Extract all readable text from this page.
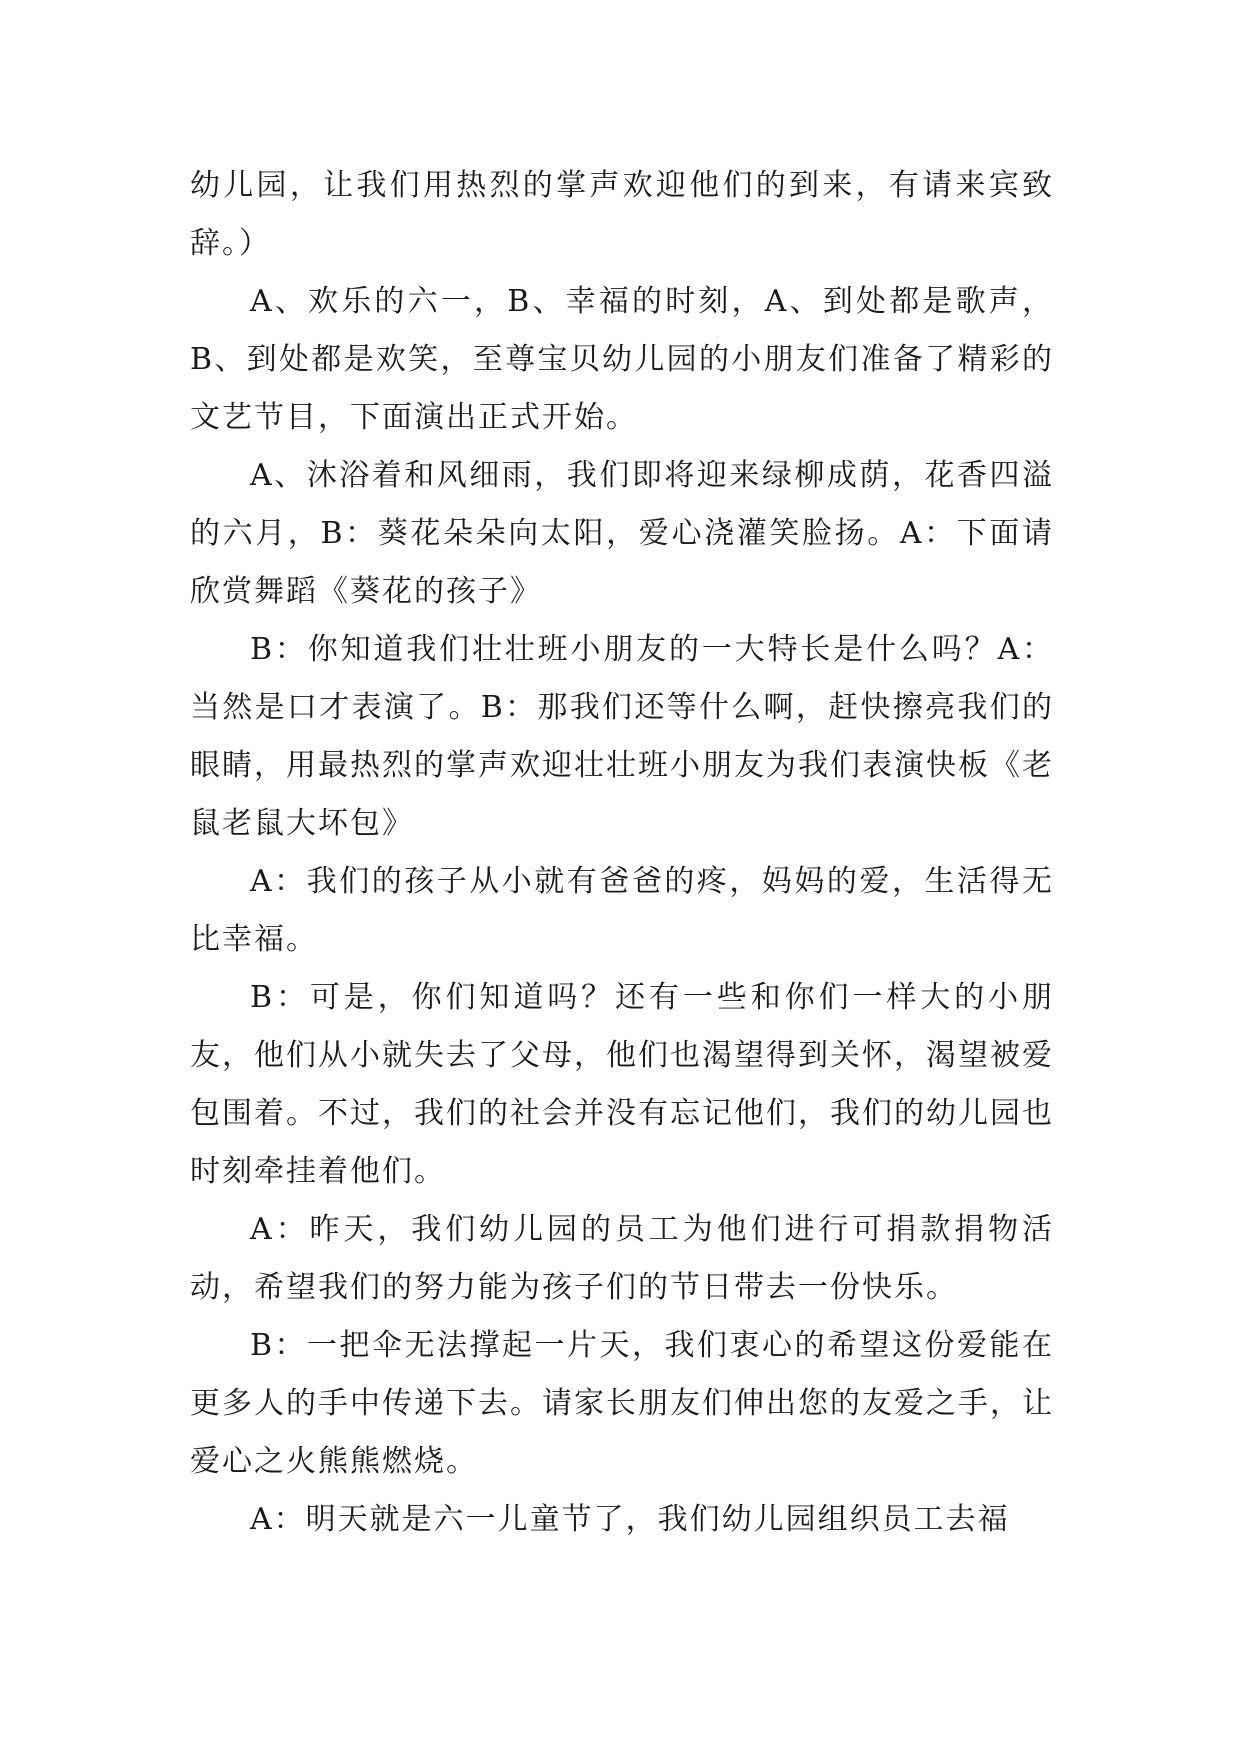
幼儿园，让我们用热烈的掌声欢迎他们的到来，有请来宾致辞。）

A、欢乐的六一，B、幸福的时刻，A、到处都是歌声，B、到处都是欢笑，至尊宝贝幼儿园的小朋友们准备了精彩的文艺节目，下面演出正式开始。

A、沐浴着和风细雨，我们即将迎来绿柳成荫，花香四溢的六月，B：葵花朵朵向太阳，爱心浇灌笑脸扬。A：下面请欣赏舞蹈《葵花的孩子》

B：你知道我们壮壮班小朋友的一大特长是什么吗？A：当然是口才表演了。B：那我们还等什么啊，赶快擦亮我们的眼睛，用最热烈的掌声欢迎壮壮班小朋友为我们表演快板《老鼠老鼠大坏包》

A：我们的孩子从小就有爸爸的疼，妈妈的爱，生活得无比幸福。

B：可是，你们知道吗？还有一些和你们一样大的小朋友，他们从小就失去了父母，他们也渴望得到关怀，渴望被爱包围着。不过，我们的社会并没有忘记他们，我们的幼儿园也时刻牵挂着他们。

A：昨天，我们幼儿园的员工为他们进行可捐款捐物活动，希望我们的努力能为孩子们的节日带去一份快乐。

B：一把伞无法撑起一片天，我们衷心的希望这份爱能在更多人的手中传递下去。请家长朋友们伸出您的友爱之手，让爱心之火熊熊燃烧。

A：明天就是六一儿童节了，我们幼儿园组织员工去福
